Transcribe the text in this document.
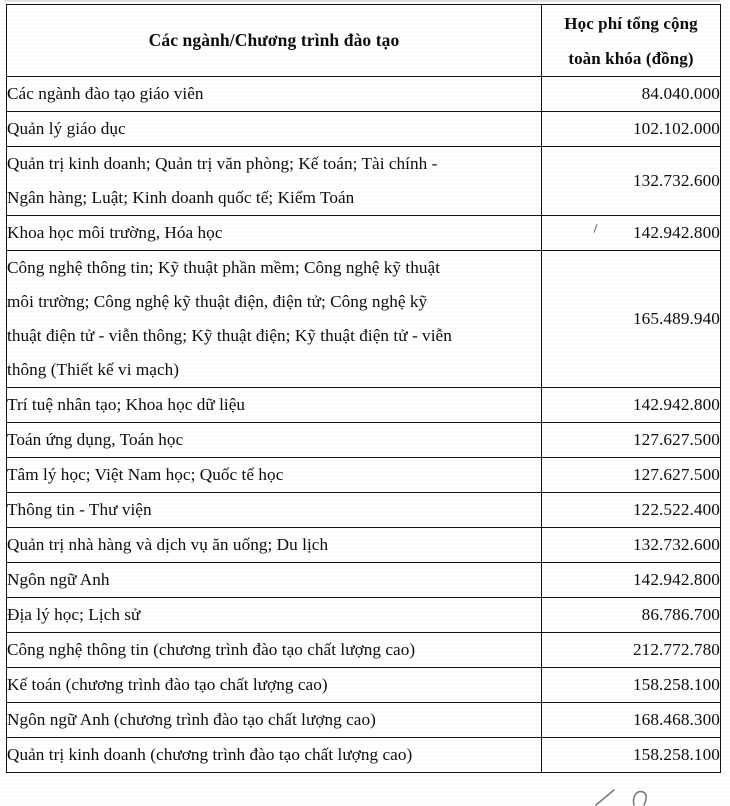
Các ngành/Chương trình đào tạo	Học phí tổng cộng
toàn khóa (đồng)

Các ngành đào tạo giáo viên	84.040.000

Quản lý giáo dục	102.102.000

Quản trị kinh doanh; Quản trị văn phòng; Kế toán; Tài chính -
Ngân hàng; Luật; Kinh doanh quốc tế; Kiểm Toán	132.732.600

Khoa học môi trường, Hóa học	142.942.800

Công nghệ thông tin; Kỹ thuật phần mềm; Công nghệ kỹ thuật
môi trường; Công nghệ kỹ thuật điện, điện tử; Công nghệ kỹ
thuật điện tử - viễn thông; Kỹ thuật điện; Kỹ thuật điện tử - viễn
thông (Thiết kế vi mạch)	165.489.940

Trí tuệ nhân tạo; Khoa học dữ liệu	142.942.800

Toán ứng dụng, Toán học	127.627.500

Tâm lý học; Việt Nam học; Quốc tế học	127.627.500

Thông tin - Thư viện	122.522.400

Quản trị nhà hàng và dịch vụ ăn uống; Du lịch	132.732.600

Ngôn ngữ Anh	142.942.800

Địa lý học; Lịch sử	86.786.700

Công nghệ thông tin (chương trình đào tạo chất lượng cao)	212.772.780

Kế toán (chương trình đào tạo chất lượng cao)	158.258.100

Ngôn ngữ Anh (chương trình đào tạo chất lượng cao)	168.468.300

Quản trị kinh doanh (chương trình đào tạo chất lượng cao)	158.258.100
